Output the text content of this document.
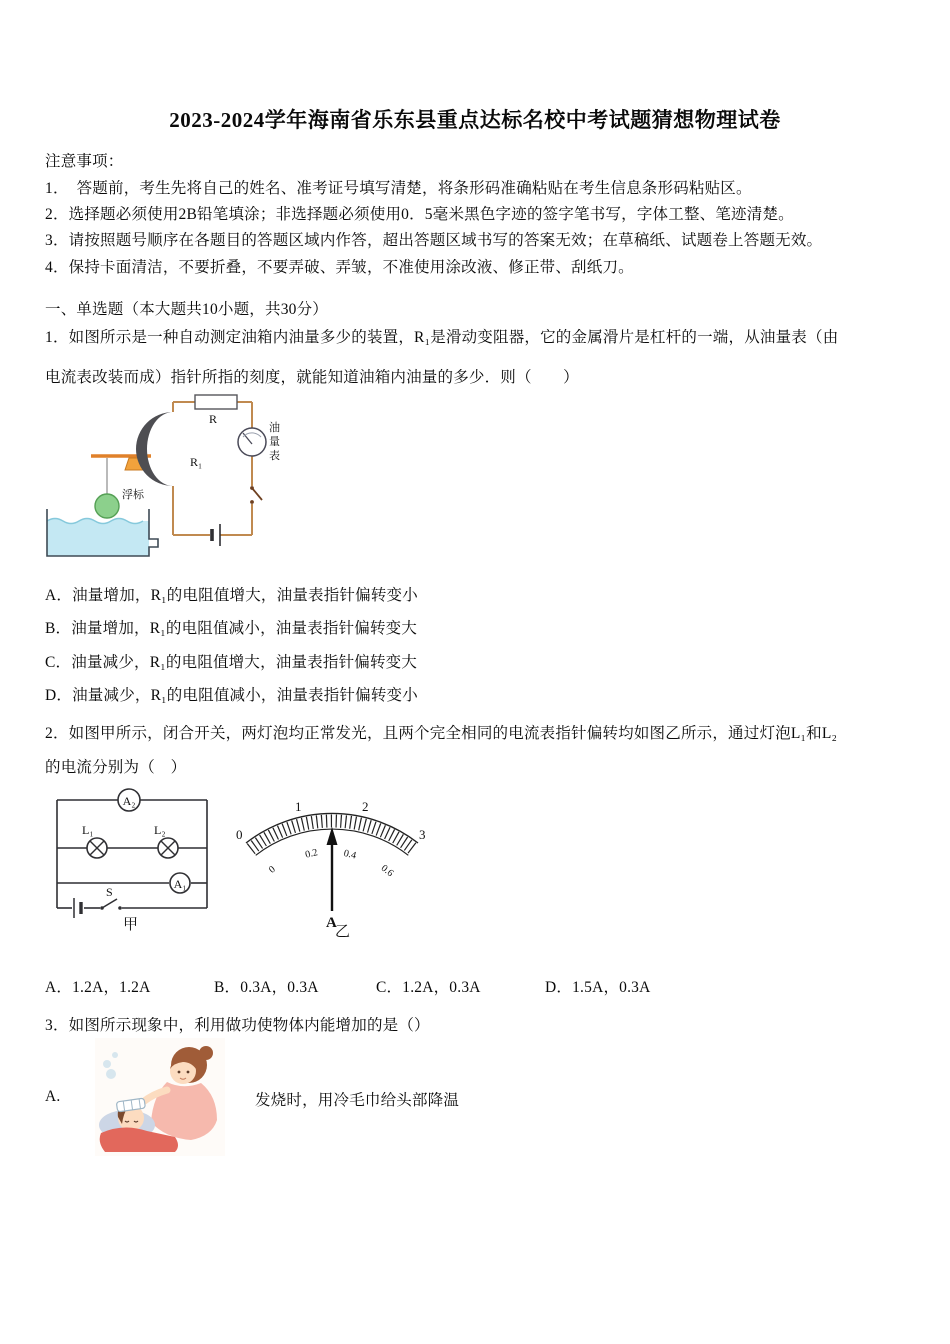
2023-2024学年海南省乐东县重点达标名校中考试题猜想物理试卷
注意事项：
1．　答题前，考生先将自己的姓名、准考证号填写清楚，将条形码准确粘贴在考生信息条形码粘贴区。
2．选择题必须使用2B铅笔填涂；非选择题必须使用0．5毫米黑色字迹的签字笔书写，字体工整、笔迹清楚。
3．请按照题号顺序在各题目的答题区域内作答，超出答题区域书写的答案无效；在草稿纸、试题卷上答题无效。
4．保持卡面清洁，不要折叠，不要弄破、弄皱，不准使用涂改液、修正带、刮纸刀。
一、单选题（本大题共10小题，共30分）
1．如图所示是一种自动测定油箱内油量多少的装置，R₁是滑动变阻器，它的金属滑片是杠杆的一端，从油量表（由
电流表改装而成）指针所指的刻度，就能知道油箱内油量的多少．则（　　）
浮标
R₁
R
油
量
表
A．油量增加，R₁的电阻值增大，油量表指针偏转变小
B．油量增加，R₁的电阻值减小，油量表指针偏转变大
C．油量减少，R₁的电阻值增大，油量表指针偏转变大
D．油量减少，R₁的电阻值减小，油量表指针偏转变小
2．如图甲所示，闭合开关，两灯泡均正常发光，且两个完全相同的电流表指针偏转均如图乙所示，通过灯泡L₁和L₂
的电流分别为（　）
A₂
L₁	L₂
A₁
S
甲
0
1	2
3
0
0.2 0.4
0.6
A
乙
A．1.2A，1.2A	B．0.3A，0.3A	C．1.2A，0.3A	D．1.5A，0.3A
3．如图所示现象中，利用做功使物体内能增加的是（）
A.	发烧时，用冷毛巾给头部降温
